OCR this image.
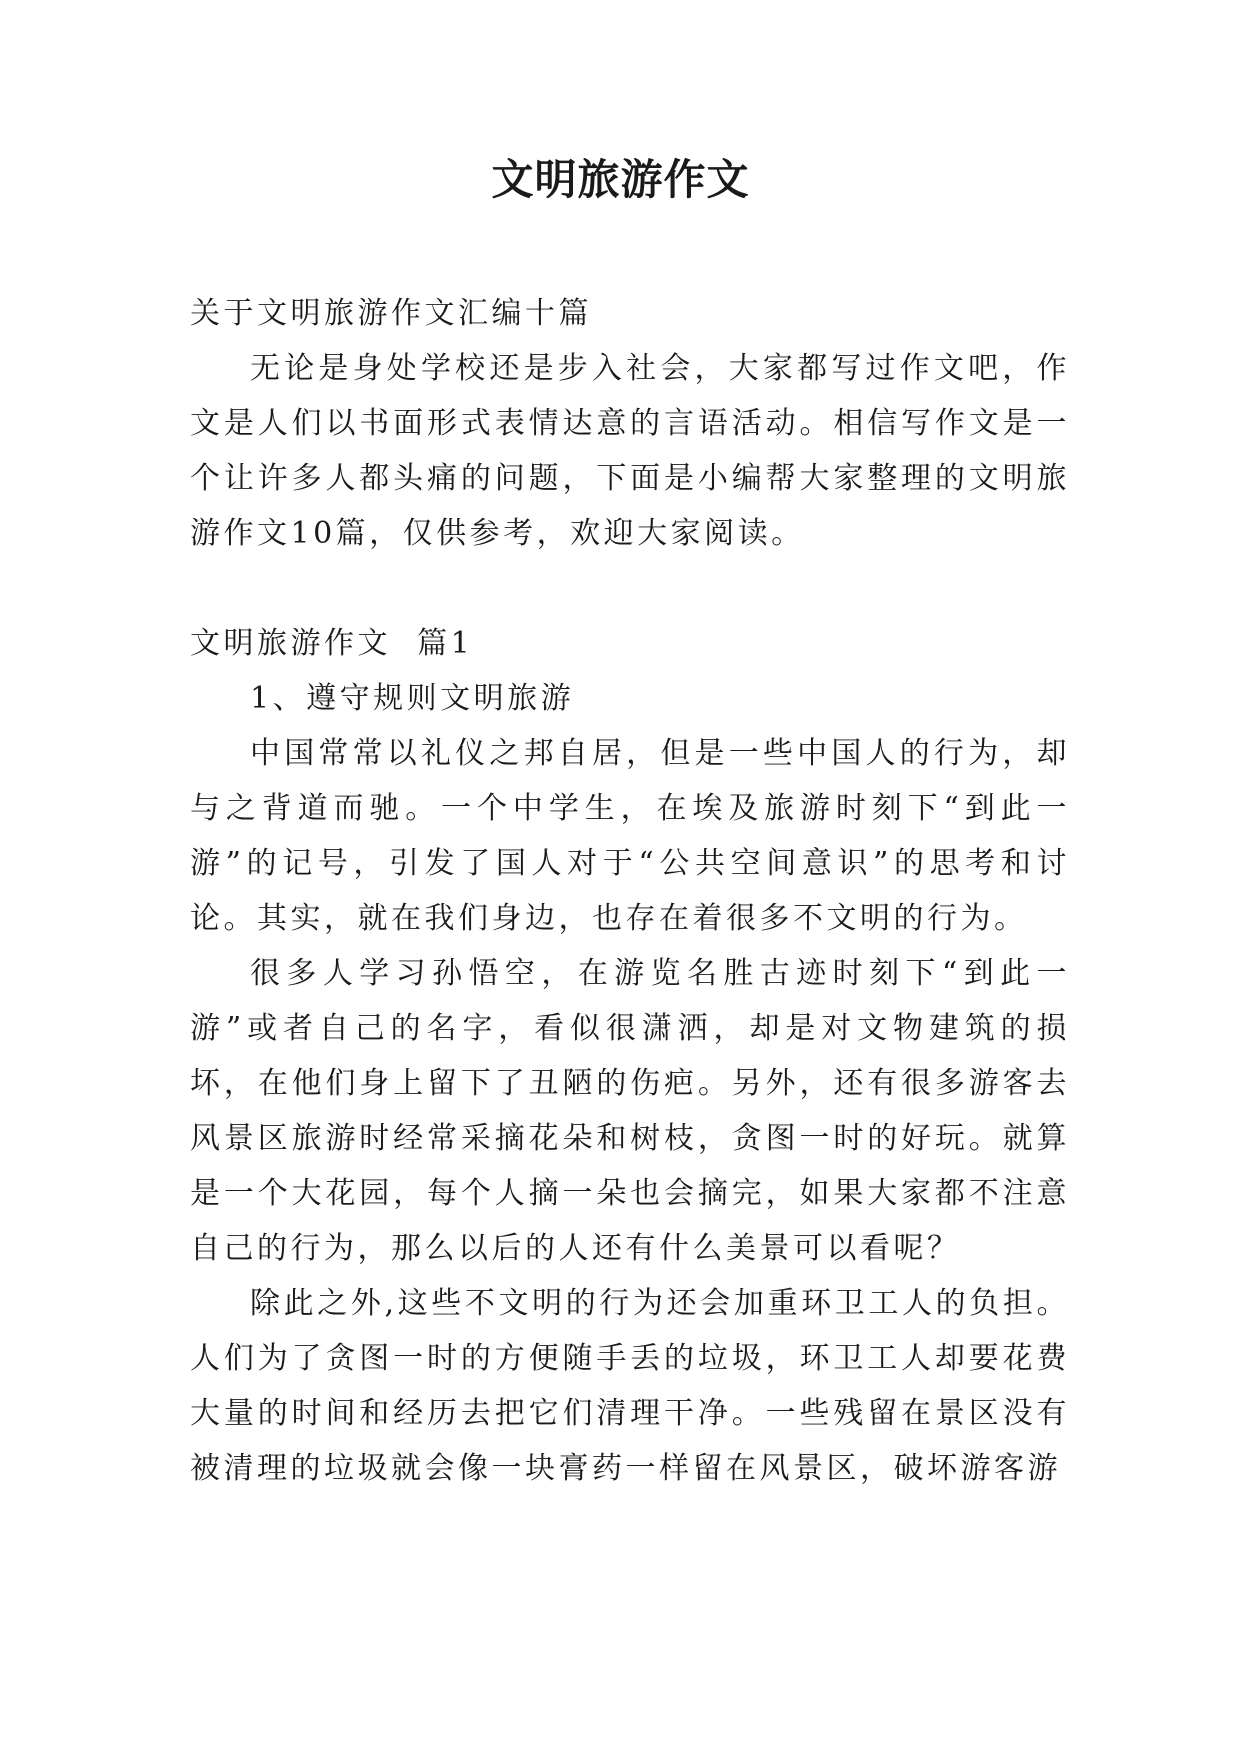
文明旅游作文

关于文明旅游作文汇编十篇

无论是身处学校还是步入社会，大家都写过作文吧，作文是人们以书面形式表情达意的言语活动。相信写作文是一个让许多人都头痛的问题，下面是小编帮大家整理的文明旅游作文10篇，仅供参考，欢迎大家阅读。

文明旅游作文  篇1

1、遵守规则文明旅游

中国常常以礼仪之邦自居，但是一些中国人的行为，却与之背道而驰。一个中学生，在埃及旅游时刻下“到此一游”的记号，引发了国人对于“公共空间意识”的思考和讨论。其实，就在我们身边，也存在着很多不文明的行为。

很多人学习孙悟空，在游览名胜古迹时刻下“到此一游”或者自己的名字，看似很潇洒，却是对文物建筑的损坏，在他们身上留下了丑陋的伤疤。另外，还有很多游客去风景区旅游时经常采摘花朵和树枝，贪图一时的好玩。就算是一个大花园，每个人摘一朵也会摘完，如果大家都不注意自己的行为，那么以后的人还有什么美景可以看呢？

除此之外,这些不文明的行为还会加重环卫工人的负担。人们为了贪图一时的方便随手丢的垃圾，环卫工人却要花费大量的时间和经历去把它们清理干净。一些残留在景区没有被清理的垃圾就会像一块膏药一样留在风景区，破坏游客游
